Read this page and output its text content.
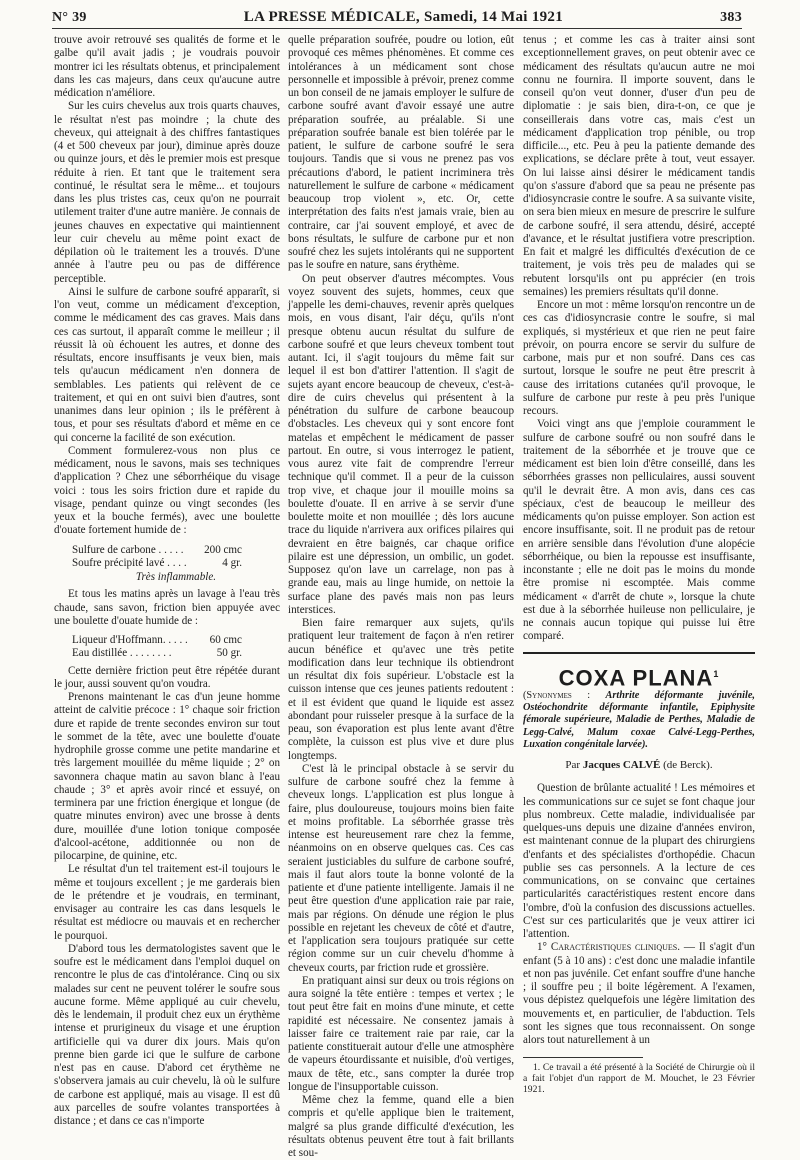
N° 39	LA PRESSE MÉDICALE, Samedi, 14 Mai 1921	383

trouve avoir retrouvé ses qualités de forme et le galbe qu'il avait jadis ; je voudrais pouvoir montrer ici les résultats obtenus, et principalement dans les cas majeurs, dans ceux qu'aucune autre médication n'améliore.

Sur les cuirs chevelus aux trois quarts chauves, le résultat n'est pas moindre ; la chute des cheveux, qui atteignait à des chiffres fantastiques (4 et 500 cheveux par jour), diminue après douze ou quinze jours, et dès le premier mois est presque réduite à rien. Et tant que le traitement sera continué, le résultat sera le même... et toujours dans les plus tristes cas, ceux qu'on ne pourrait utilement traiter d'une autre manière. Je connais de jeunes chauves en expectative qui maintiennent leur cuir chevelu au même point exact de dépilation où le traitement les a trouvés. D'une année à l'autre peu ou pas de différence perceptible.

Ainsi le sulfure de carbone soufré appararît, si l'on veut, comme un médicament d'exception, comme le médicament des cas graves. Mais dans ces cas surtout, il apparaît comme le meilleur ; il réussit là où échouent les autres, et donne des résultats, encore insuffisants je veux bien, mais tels qu'aucun médicament n'en donnera de semblables. Les patients qui relèvent de ce traitement, et qui en ont suivi bien d'autres, sont unanimes dans leur opinion ; ils le préfèrent à tous, et pour ses résultats d'abord et même en ce qui concerne la facilité de son exécution.

Comment formulerez-vous non plus ce médicament, nous le savons, mais ses techniques d'application ? Chez une séborrhéique du visage voici : tous les soirs friction dure et rapide du visage, pendant quinze ou vingt secondes (les yeux et la bouche fermés), avec une boulette d'ouate fortement humide de :

Sulfure de carbone . . . . . 200 cmc
Soufre précipité lavé . . . .	4 gr.
Très inflammable.

Et tous les matins après un lavage à l'eau très chaude, sans savon, friction bien appuyée avec une boulette d'ouate humide de :

Liqueur d'Hoffmann. . . . . 60 cmc
Eau distillée . . . . . . . .	50 gr.

Cette dernière friction peut être répétée durant le jour, aussi souvent qu'on voudra.

Prenons maintenant le cas d'un jeune homme atteint de calvitie précoce : 1° chaque soir friction dure et rapide de trente secondes environ sur tout le sommet de la tête, avec une boulette d'ouate hydrophile grosse comme une petite mandarine et très largement mouillée du même liquide ; 2° on savonnera chaque matin au savon blanc à l'eau chaude ; 3° et après avoir rincé et essuyé, on terminera par une friction énergique et longue (de quatre minutes environ) avec une brosse à dents dure, mouillée d'une lotion tonique composée d'alcool-acétone, additionnée ou non de pilocarpine, de quinine, etc.

Le résultat d'un tel traitement est-il toujours le même et toujours excellent ; je me garderais bien de le prétendre et je voudrais, en terminant, envisager au contraire les cas dans lesquels le résultat est médiocre ou mauvais et en rechercher le pourquoi.

D'abord tous les dermatologistes savent que le soufre est le médicament dans l'emploi duquel on rencontre le plus de cas d'intolérance. Cinq ou six malades sur cent ne peuvent tolérer le soufre sous aucune forme. Même appliqué au cuir chevelu, dès le lendemain, il produit chez eux un érythème intense et prurigineux du visage et une éruption artificielle qui va durer dix jours. Mais qu'on prenne bien garde ici que le sulfure de carbone n'est pas en cause. D'abord cet érythème ne s'observera jamais au cuir chevelu, là où le sulfure de carbone est appliqué, mais au visage. Il est dû aux parcelles de soufre volantes transportées à distance ; et dans ce cas n'importe

quelle préparation soufrée, poudre ou lotion, eût provoqué ces mêmes phénomènes. Et comme ces intolérances à un médicament sont chose personnelle et impossible à prévoir, prenez comme un bon conseil de ne jamais employer le sulfure de carbone soufré avant d'avoir essayé une autre préparation soufrée, au préalable. Si une préparation soufrée banale est bien tolérée par le patient, le sulfure de carbone soufré le sera toujours. Tandis que si vous ne prenez pas vos précautions d'abord, le patient incriminera très naturellement le sulfure de carbone « médicament beaucoup trop violent », etc. Or, cette interprétation des faits n'est jamais vraie, bien au contraire, car j'ai souvent employé, et avec de bons résultats, le sulfure de carbone pur et non soufré chez les sujets intolérants qui ne supportent pas le soufre en nature, sans érythème.

On peut observer d'autres mécomptes. Vous voyez souvent des sujets, hommes, ceux que j'appelle les demi-chauves, revenir après quelques mois, en vous disant, l'air déçu, qu'ils n'ont presque obtenu aucun résultat du sulfure de carbone soufré et que leurs cheveux tombent tout autant. Ici, il s'agit toujours du même fait sur lequel il est bon d'attirer l'attention. Il s'agit de sujets ayant encore beaucoup de cheveux, c'est-à-dire de cuirs chevelus qui présentent à la pénétration du sulfure de carbone beaucoup d'obstacles. Les cheveux qui y sont encore font matelas et empêchent le médicament de passer partout. En outre, si vous interrogez le patient, vous aurez vite fait de comprendre l'erreur technique qu'il commet. Il a peur de la cuisson trop vive, et chaque jour il mouille moins sa boulette d'ouate. Il en arrive à se servir d'une boulette moite et non mouillée ; dès lors aucune trace du liquide n'arrivera aux orifices pilaires qui devraient en être baignés, car chaque orifice pilaire est une dépression, un ombilic, un godet. Supposez qu'on lave un carrelage, non pas à grande eau, mais au linge humide, on nettoie la surface plane des pavés mais non pas leurs interstices.

Bien faire remarquer aux sujets, qu'ils pratiquent leur traitement de façon à n'en retirer aucun bénéfice et qu'avec une très petite modification dans leur technique ils obtiendront un résultat dix fois supérieur. L'obstacle est la cuisson intense que ces jeunes patients redoutent : et il est évident que quand le liquide est assez abondant pour ruisseler presque à la surface de la peau, son évaporation est plus lente avant d'être complète, la cuisson est plus vive et dure plus longtemps.

C'est là le principal obstacle à se servir du sulfure de carbone soufré chez la femme à cheveux longs. L'application est plus longue à faire, plus douloureuse, toujours moins bien faite et moins profitable. La séborrhée grasse très intense est heureusement rare chez la femme, néanmoins on en observe quelques cas. Ces cas seraient justiciables du sulfure de carbone soufré, mais il faut alors toute la bonne volonté de la patiente et d'une patiente intelligente. Jamais il ne peut être question d'une application raie par raie, mais par régions. On dénude une région le plus possible en rejetant les cheveux de côté et d'autre, et l'application sera toujours pratiquée sur cette région comme sur un cuir chevelu d'homme à cheveux courts, par friction rude et grossière.

En pratiquant ainsi sur deux ou trois régions on aura soigné la tête entière : tempes et vertex ; le tout peut être fait en moins d'une minute, et cette rapidité est nécessaire. Ne consentez jamais à laisser faire ce traitement raie par raie, car la patiente constituerait autour d'elle une atmosphère de vapeurs étourdissante et nuisible, d'où vertiges, maux de tête, etc., sans compter la durée trop longue de l'insupportable cuisson.

Même chez la femme, quand elle a bien compris et qu'elle applique bien le traitement, malgré sa plus grande difficulté d'exécution, les résultats obtenus peuvent être tout à fait brillants et sou-

tenus ; et comme les cas à traiter ainsi sont exceptionnellement graves, on peut obtenir avec ce médicament des résultats qu'aucun autre ne moi connu ne fournira. Il importe souvent, dans le conseil qu'on veut donner, d'user d'un peu de diplomatie : je sais bien, dira-t-on, ce que je conseillerais dans votre cas, mais c'est un médicament d'application trop pénible, ou trop difficile..., etc. Peu à peu la patiente demande des explications, se déclare prête à tout, veut essayer. On lui laisse ainsi désirer le médicament tandis qu'on s'assure d'abord que sa peau ne présente pas d'idiosyncrasie contre le soufre. A sa suivante visite, on sera bien mieux en mesure de prescrire le sulfure de carbone soufré, il sera attendu, désiré, accepté d'avance, et le résultat justifiera votre prescription. En fait et malgré les difficultés d'exécution de ce traitement, je vois très peu de malades qui se rebutent lorsqu'ils ont pu apprécier (en trois semaines) les premiers résultats qu'il donne.

Encore un mot : même lorsqu'on rencontre un de ces cas d'idiosyncrasie contre le soufre, si mal expliqués, si mystérieux et que rien ne peut faire prévoir, on pourra encore se servir du sulfure de carbone, mais pur et non soufré. Dans ces cas surtout, lorsque le soufre ne peut être prescrit à cause des irritations cutanées qu'il provoque, le sulfure de carbone pur reste à peu près l'unique recours.

Voici vingt ans que j'emploie couramment le sulfure de carbone soufré ou non soufré dans le traitement de la séborrhée et je trouve que ce médicament est bien loin d'être conseillé, dans les séborrhées grasses non pelliculaires, aussi souvent qu'il le devrait être. A mon avis, dans ces cas spéciaux, c'est de beaucoup le meilleur des médicaments qu'on puisse employer. Son action est encore insuffisante, soit. Il ne produit pas de retour en arrière sensible dans l'évolution d'une alopécie séborrhéique, ou bien la repousse est insuffisante, inconstante ; elle ne doit pas le moins du monde être promise ni escomptée. Mais comme médicament « d'arrêt de chute », lorsque la chute est due à la séborrhée huileuse non pelliculaire, je ne connais aucun topique qui puisse lui être comparé.

COXA PLANA$^1$
(Synonymes : Arthrite déformante juvénile, Ostéochondrite déformante infantile, Epiphysite fémorale supérieure, Maladie de Perthes, Maladie de Legg-Calvé, Malum coxae Calvé-Legg-Perthes, Luxation congénitale larvée).
Par Jacques CALVÉ (de Berck).

Question de brûlante actualité ! Les mémoires et les communications sur ce sujet se font chaque jour plus nombreux. Cette maladie, individualisée par quelques-uns depuis une dizaine d'années environ, est maintenant connue de la plupart des chirurgiens d'enfants et des spécialistes d'orthopédie. Chacun publie ses cas personnels. A la lecture de ces communications, on se convainc que certaines particularités caractéristiques restent encore dans l'ombre, d'où la confusion des discussions actuelles. C'est sur ces particularités que je veux attirer ici l'attention.

1° Caractéristiques cliniques. — Il s'agit d'un enfant (5 à 10 ans) : c'est donc une maladie infantile et non pas juvénile. Cet enfant souffre d'une hanche ; il souffre peu ; il boite légèrement. A l'examen, vous dépistez quelquefois une légère limitation des mouvements et, en particulier, de l'abduction. Tels sont les signes que tous reconnaissent. On songe alors tout naturellement à un

1. Ce travail a été présenté à la Société de Chirurgie où il a fait l'objet d'un rapport de M. Mouchet, le 23 Février 1921.
